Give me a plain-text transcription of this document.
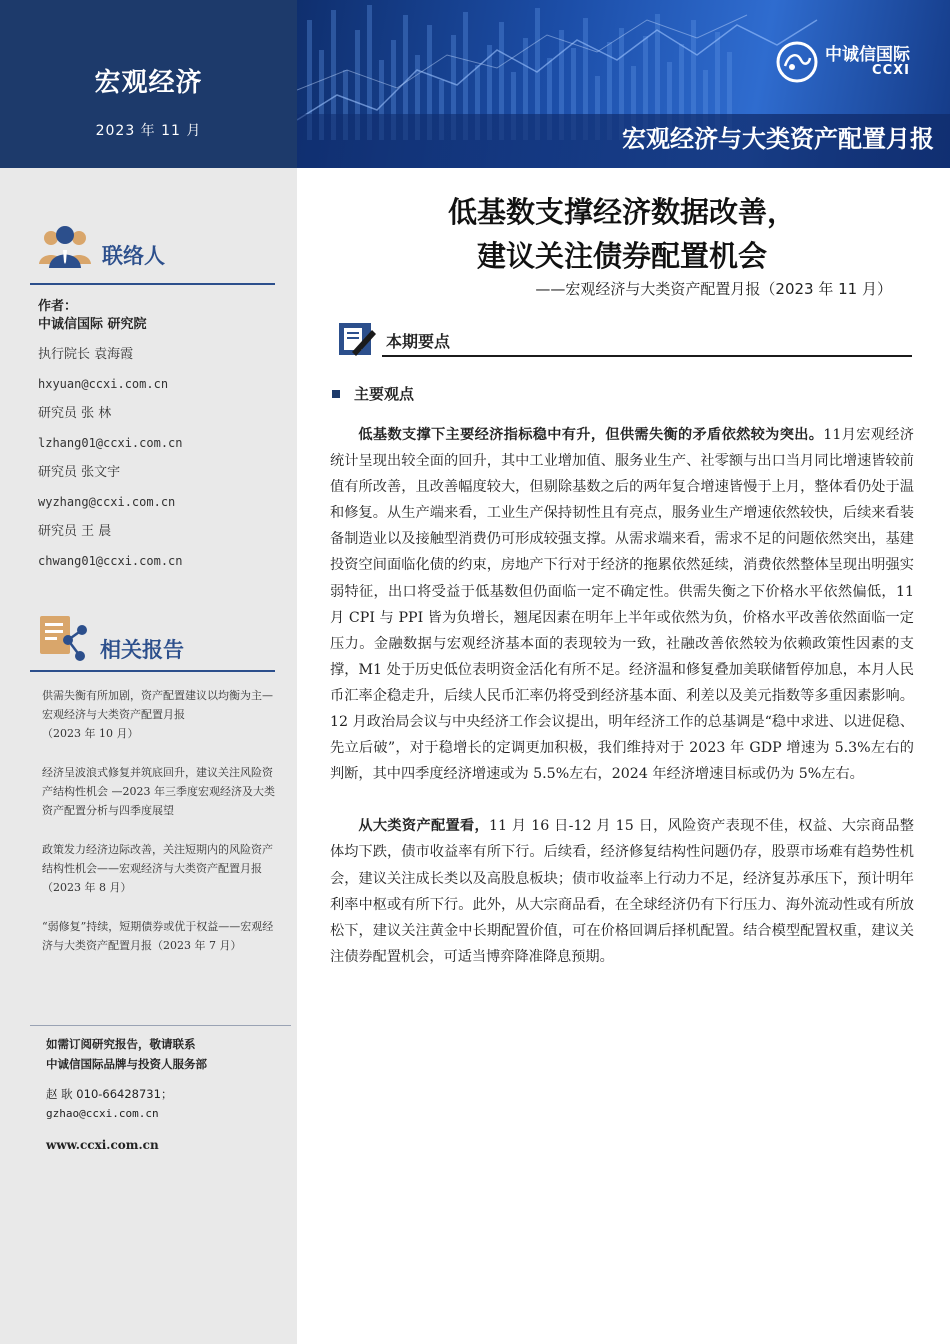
宏观经济
2023 年 11 月
中诚信国际
CCXI
宏观经济与大类资产配置月报
联络人
作者：
中诚信国际 研究院
执行院长 袁海霞
hxyuan@ccxi.com.cn
研究员 张 林
lzhang01@ccxi.com.cn
研究员 张文宇
wyzhang@ccxi.com.cn
研究员 王 晨
chwang01@ccxi.com.cn
相关报告
供需失衡有所加剧，资产配置建议以均衡为主—宏观经济与大类资产配置月报
（2023 年 10 月）
经济呈波浪式修复并筑底回升，建议关注风险资产结构性机会 —2023 年三季度宏观经济及大类资产配置分析与四季度展望
政策发力经济边际改善，关注短期内的风险资产结构性机会——宏观经济与大类资产配置月报（2023 年 8 月）
“弱修复”持续，短期债券或优于权益——宏观经济与大类资产配置月报（2023 年 7 月）
如需订阅研究报告，敬请联系
中诚信国际品牌与投资人服务部
赵 耿 010-66428731；
gzhao@ccxi.com.cn
www.ccxi.com.cn
低基数支撑经济数据改善，
建议关注债券配置机会
——宏观经济与大类资产配置月报（2023 年 11 月）
本期要点
主要观点

低基数支撑下主要经济指标稳中有升，但供需失衡的矛盾依然较为突出。11月宏观经济统计呈现出较全面的回升，其中工业增加值、服务业生产、社零额与出口当月同比增速皆较前值有所改善，且改善幅度较大，但剔除基数之后的两年复合增速皆慢于上月，整体看仍处于温和修复。从生产端来看，工业生产保持韧性且有亮点，服务业生产增速依然较快，后续来看装备制造业以及接触型消费仍可形成较强支撑。从需求端来看，需求不足的问题依然突出，基建投资空间面临化债的约束，房地产下行对于经济的拖累依然延续，消费依然整体呈现出明强实弱特征，出口将受益于低基数但仍面临一定不确定性。供需失衡之下价格水平依然偏低，11 月 CPI 与 PPI 皆为负增长，翘尾因素在明年上半年或依然为负，价格水平改善依然面临一定压力。金融数据与宏观经济基本面的表现较为一致，社融改善依然较为依赖政策性因素的支撑，M1 处于历史低位表明资金活化有所不足。经济温和修复叠加美联储暂停加息，本月人民币汇率企稳走升，后续人民币汇率仍将受到经济基本面、利差以及美元指数等多重因素影响。12 月政治局会议与中央经济工作会议提出，明年经济工作的总基调是“稳中求进、以进促稳、先立后破”，对于稳增长的定调更加积极，我们维持对于 2023 年 GDP 增速为 5.3%左右的判断，其中四季度经济增速或为 5.5%左右，2024 年经济增速目标或仍为 5%左右。

从大类资产配置看，11 月 16 日-12 月 15 日，风险资产表现不佳，权益、大宗商品整体均下跌，债市收益率有所下行。后续看，经济修复结构性问题仍存，股票市场难有趋势性机会，建议关注成长类以及高股息板块；债市收益率上行动力不足，经济复苏承压下，预计明年利率中枢或有所下行。此外，从大宗商品看，在全球经济仍有下行压力、海外流动性或有所放松下，建议关注黄金中长期配置价值，可在价格回调后择机配置。结合模型配置权重，建议关注债券配置机会，可适当博弈降准降息预期。
